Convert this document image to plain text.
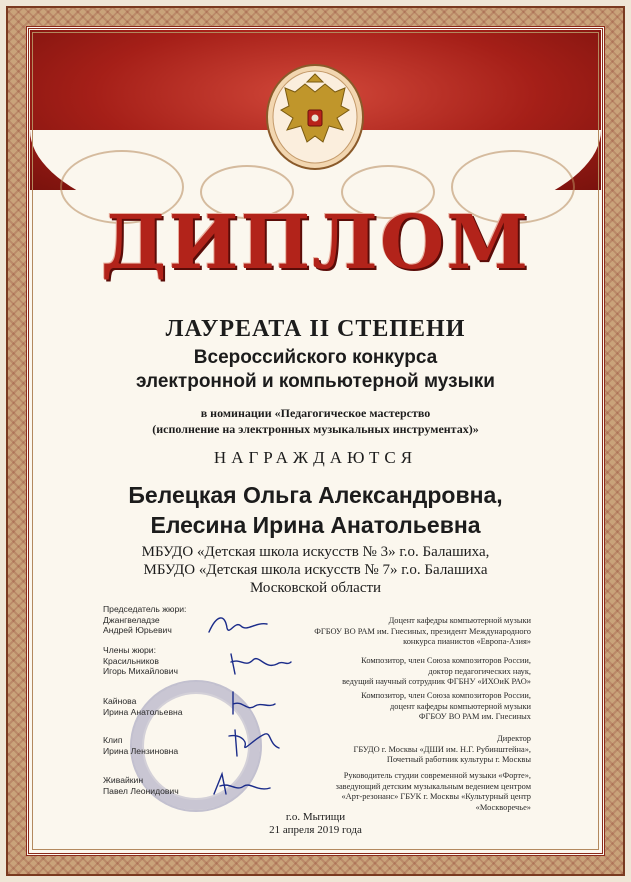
ДИПЛОМ
ЛАУРЕАТА II СТЕПЕНИ
Всероссийского конкурса
электронной и компьютерной музыки
в номинации «Педагогическое мастерство
(исполнение на электронных музыкальных инструментах)»
НАГРАЖДАЮТСЯ
Белецкая Ольга Александровна,
Елесина Ирина Анатольевна
МБУДО «Детская школа искусств № 3» г.о. Балашиха,
МБУДО «Детская школа искусств № 7» г.о. Балашиха
Московской области
Председатель жюри:
Джангвеладзе
Андрей Юрьевич
Доцент кафедры компьютерной музыки
ФГБОУ ВО РАМ им. Гнесиных, президент Международного
конкурса пианистов «Европа-Азия»
Члены жюри:
Красильников
Игорь Михайлович
Композитор, член Союза композиторов России,
доктор педагогических наук,
ведущий научный сотрудник ФГБНУ «ИХОиК РАО»
Кайнова
Ирина Анатольевна
Композитор, член Союза композиторов России,
доцент кафедры компьютерной музыки
ФГБОУ ВО РАМ им. Гнесиных
Клип
Ирина Лензиновна
Директор
ГБУДО г. Москвы «ДШИ им. Н.Г. Рубинштейна»,
Почетный работник культуры г. Москвы
Живайкин
Павел Леонидович
Руководитель студии современной музыки «Форте»,
заведующий детским музыкальным ведением центром
«Арт-резонанс» ГБУК г. Москвы «Культурный центр
«Москворечье»
г.о. Мытищи
21 апреля 2019 года
